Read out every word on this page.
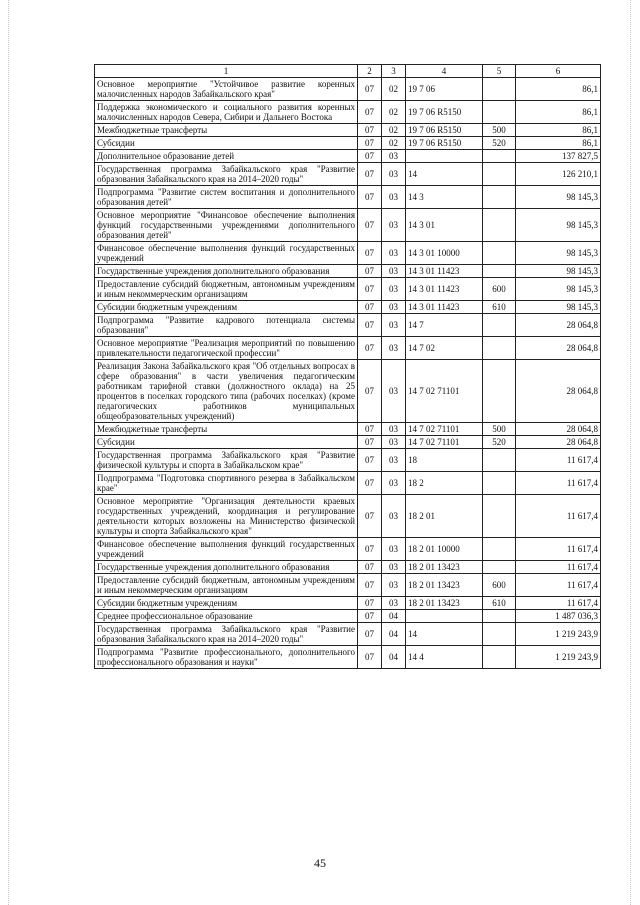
1	2	3	4	5	6
Основное мероприятие "Устойчивое развитие коренных малочисленных народов Забайкальского края"	07	02	19 7 06		86,1
Поддержка экономического и социального развития коренных малочисленных народов Севера, Сибири и Дальнего Востока	07	02	19 7 06 R5150		86,1
Межбюджетные трансферты	07	02	19 7 06 R5150	500	86,1
Субсидии	07	02	19 7 06 R5150	520	86,1
Дополнительное образование детей	07	03			137 827,5
Государственная программа Забайкальского края "Развитие образования Забайкальского края на 2014–2020 годы"	07	03	14		126 210,1
Подпрограмма "Развитие систем воспитания и дополнительного образования детей"	07	03	14 3		98 145,3
Основное мероприятие "Финансовое обеспечение выполнения функций государственными учреждениями дополнительного образования детей"	07	03	14 3 01		98 145,3
Финансовое обеспечение выполнения функций государственных учреждений	07	03	14 3 01 10000		98 145,3
Государственные учреждения дополнительного образования	07	03	14 3 01 11423		98 145,3
Предоставление субсидий бюджетным, автономным учреждениям и иным некоммерческим организациям	07	03	14 3 01 11423	600	98 145,3
Субсидии бюджетным учреждениям	07	03	14 3 01 11423	610	98 145,3
Подпрограмма "Развитие кадрового потенциала системы образования"	07	03	14 7		28 064,8
Основное мероприятие "Реализация мероприятий по повышению привлекательности педагогической профессии"	07	03	14 7 02		28 064,8
Реализация Закона Забайкальского края "Об отдельных вопросах в сфере образования" в части увеличения педагогическим работникам тарифной ставки (должностного оклада) на 25 процентов в поселках городского типа (рабочих поселках) (кроме педагогических работников муниципальных общеобразовательных учреждений)	07	03	14 7 02 71101		28 064,8
Межбюджетные трансферты	07	03	14 7 02 71101	500	28 064,8
Субсидии	07	03	14 7 02 71101	520	28 064,8
Государственная программа Забайкальского края "Развитие физической культуры и спорта в Забайкальском крае"	07	03	18		11 617,4
Подпрограмма "Подготовка спортивного резерва в Забайкальском крае"	07	03	18 2		11 617,4
Основное мероприятие "Организация деятельности краевых государственных учреждений, координация и регулирование деятельности которых возложены на Министерство физической культуры и спорта Забайкальского края"	07	03	18 2 01		11 617,4
Финансовое обеспечение выполнения функций государственных учреждений	07	03	18 2 01 10000		11 617,4
Государственные учреждения дополнительного образования	07	03	18 2 01 13423		11 617,4
Предоставление субсидий бюджетным, автономным учреждениям и иным некоммерческим организациям	07	03	18 2 01 13423	600	11 617,4
Субсидии бюджетным учреждениям	07	03	18 2 01 13423	610	11 617,4
Среднее профессиональное образование	07	04			1 487 036,3
Государственная программа Забайкальского края "Развитие образования Забайкальского края на 2014–2020 годы"	07	04	14		1 219 243,9
Подпрограмма "Развитие профессионального, дополнительного профессионального образования и науки"	07	04	14 4		1 219 243,9
45
